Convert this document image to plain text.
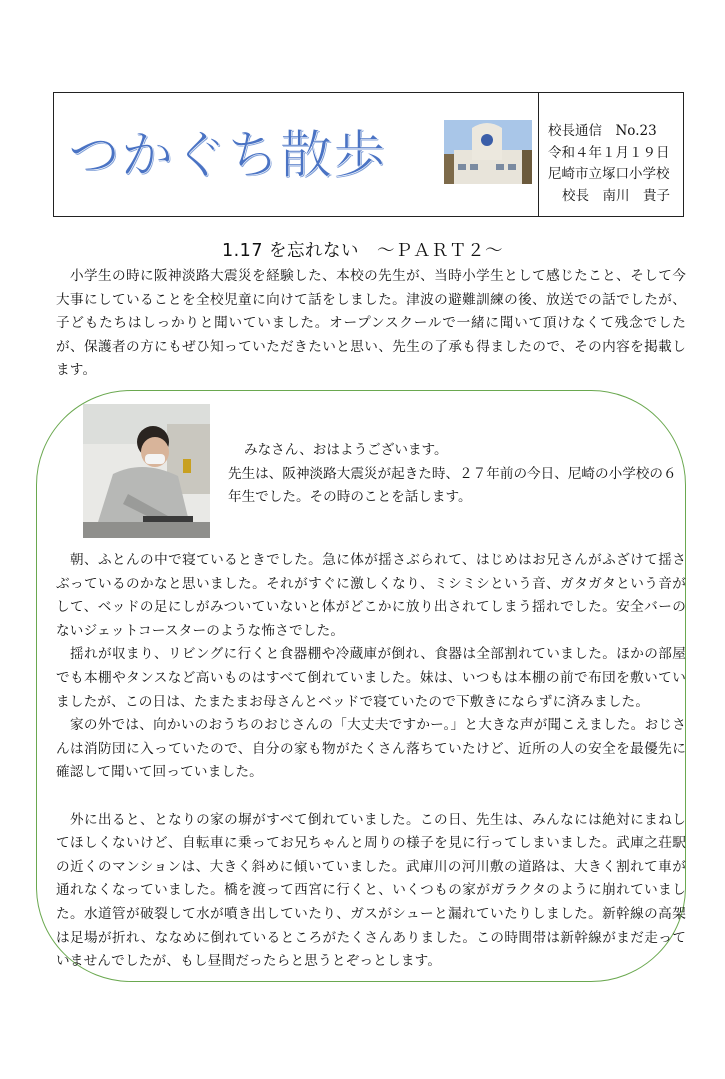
つかぐち散歩	校長通信　No.23
令和４年１月１９日
尼崎市立塚口小学校
校長　南川　貴子
1.17 を忘れない　～ＰＡＲＴ２～
小学生の時に阪神淡路大震災を経験した、本校の先生が、当時小学生として感じたこと、そして今大事にしていることを全校児童に向けて話をしました。津波の避難訓練の後、放送での話でしたが、子どもたちはしっかりと聞いていました。オープンスクールで一緒に聞いて頂けなくて残念でしたが、保護者の方にもぜひ知っていただきたいと思い、先生の了承も得ましたので、その内容を掲載します。
みなさん、おはようございます。
先生は、阪神淡路大震災が起きた時、２７年前の今日、尼崎の小学校の６年生でした。その時のことを話します。

朝、ふとんの中で寝ているときでした。急に体が揺さぶられて、はじめはお兄さんがふざけて揺さぶっているのかなと思いました。それがすぐに激しくなり、ミシミシという音、ガタガタという音がして、ベッドの足にしがみついていないと体がどこかに放り出されてしまう揺れでした。安全バーのないジェットコースターのような怖さでした。

揺れが収まり、リビングに行くと食器棚や冷蔵庫が倒れ、食器は全部割れていました。ほかの部屋でも本棚やタンスなど高いものはすべて倒れていました。妹は、いつもは本棚の前で布団を敷いていましたが、この日は、たまたまお母さんとベッドで寝ていたので下敷きにならずに済みました。

家の外では、向かいのおうちのおじさんの「大丈夫ですかー。」と大きな声が聞こえました。おじさんは消防団に入っていたので、自分の家も物がたくさん落ちていたけど、近所の人の安全を最優先に確認して聞いて回っていました。

外に出ると、となりの家の塀がすべて倒れていました。この日、先生は、みんなには絶対にまねしてほしくないけど、自転車に乗ってお兄ちゃんと周りの様子を見に行ってしまいました。武庫之荘駅の近くのマンションは、大きく斜めに傾いていました。武庫川の河川敷の道路は、大きく割れて車が通れなくなっていました。橋を渡って西宮に行くと、いくつもの家がガラクタのように崩れていました。水道管が破裂して水が噴き出していたり、ガスがシューと漏れていたりしました。新幹線の高架は足場が折れ、ななめに倒れているところがたくさんありました。この時間帯は新幹線がまだ走っていませんでしたが、もし昼間だったらと思うとぞっとします。
